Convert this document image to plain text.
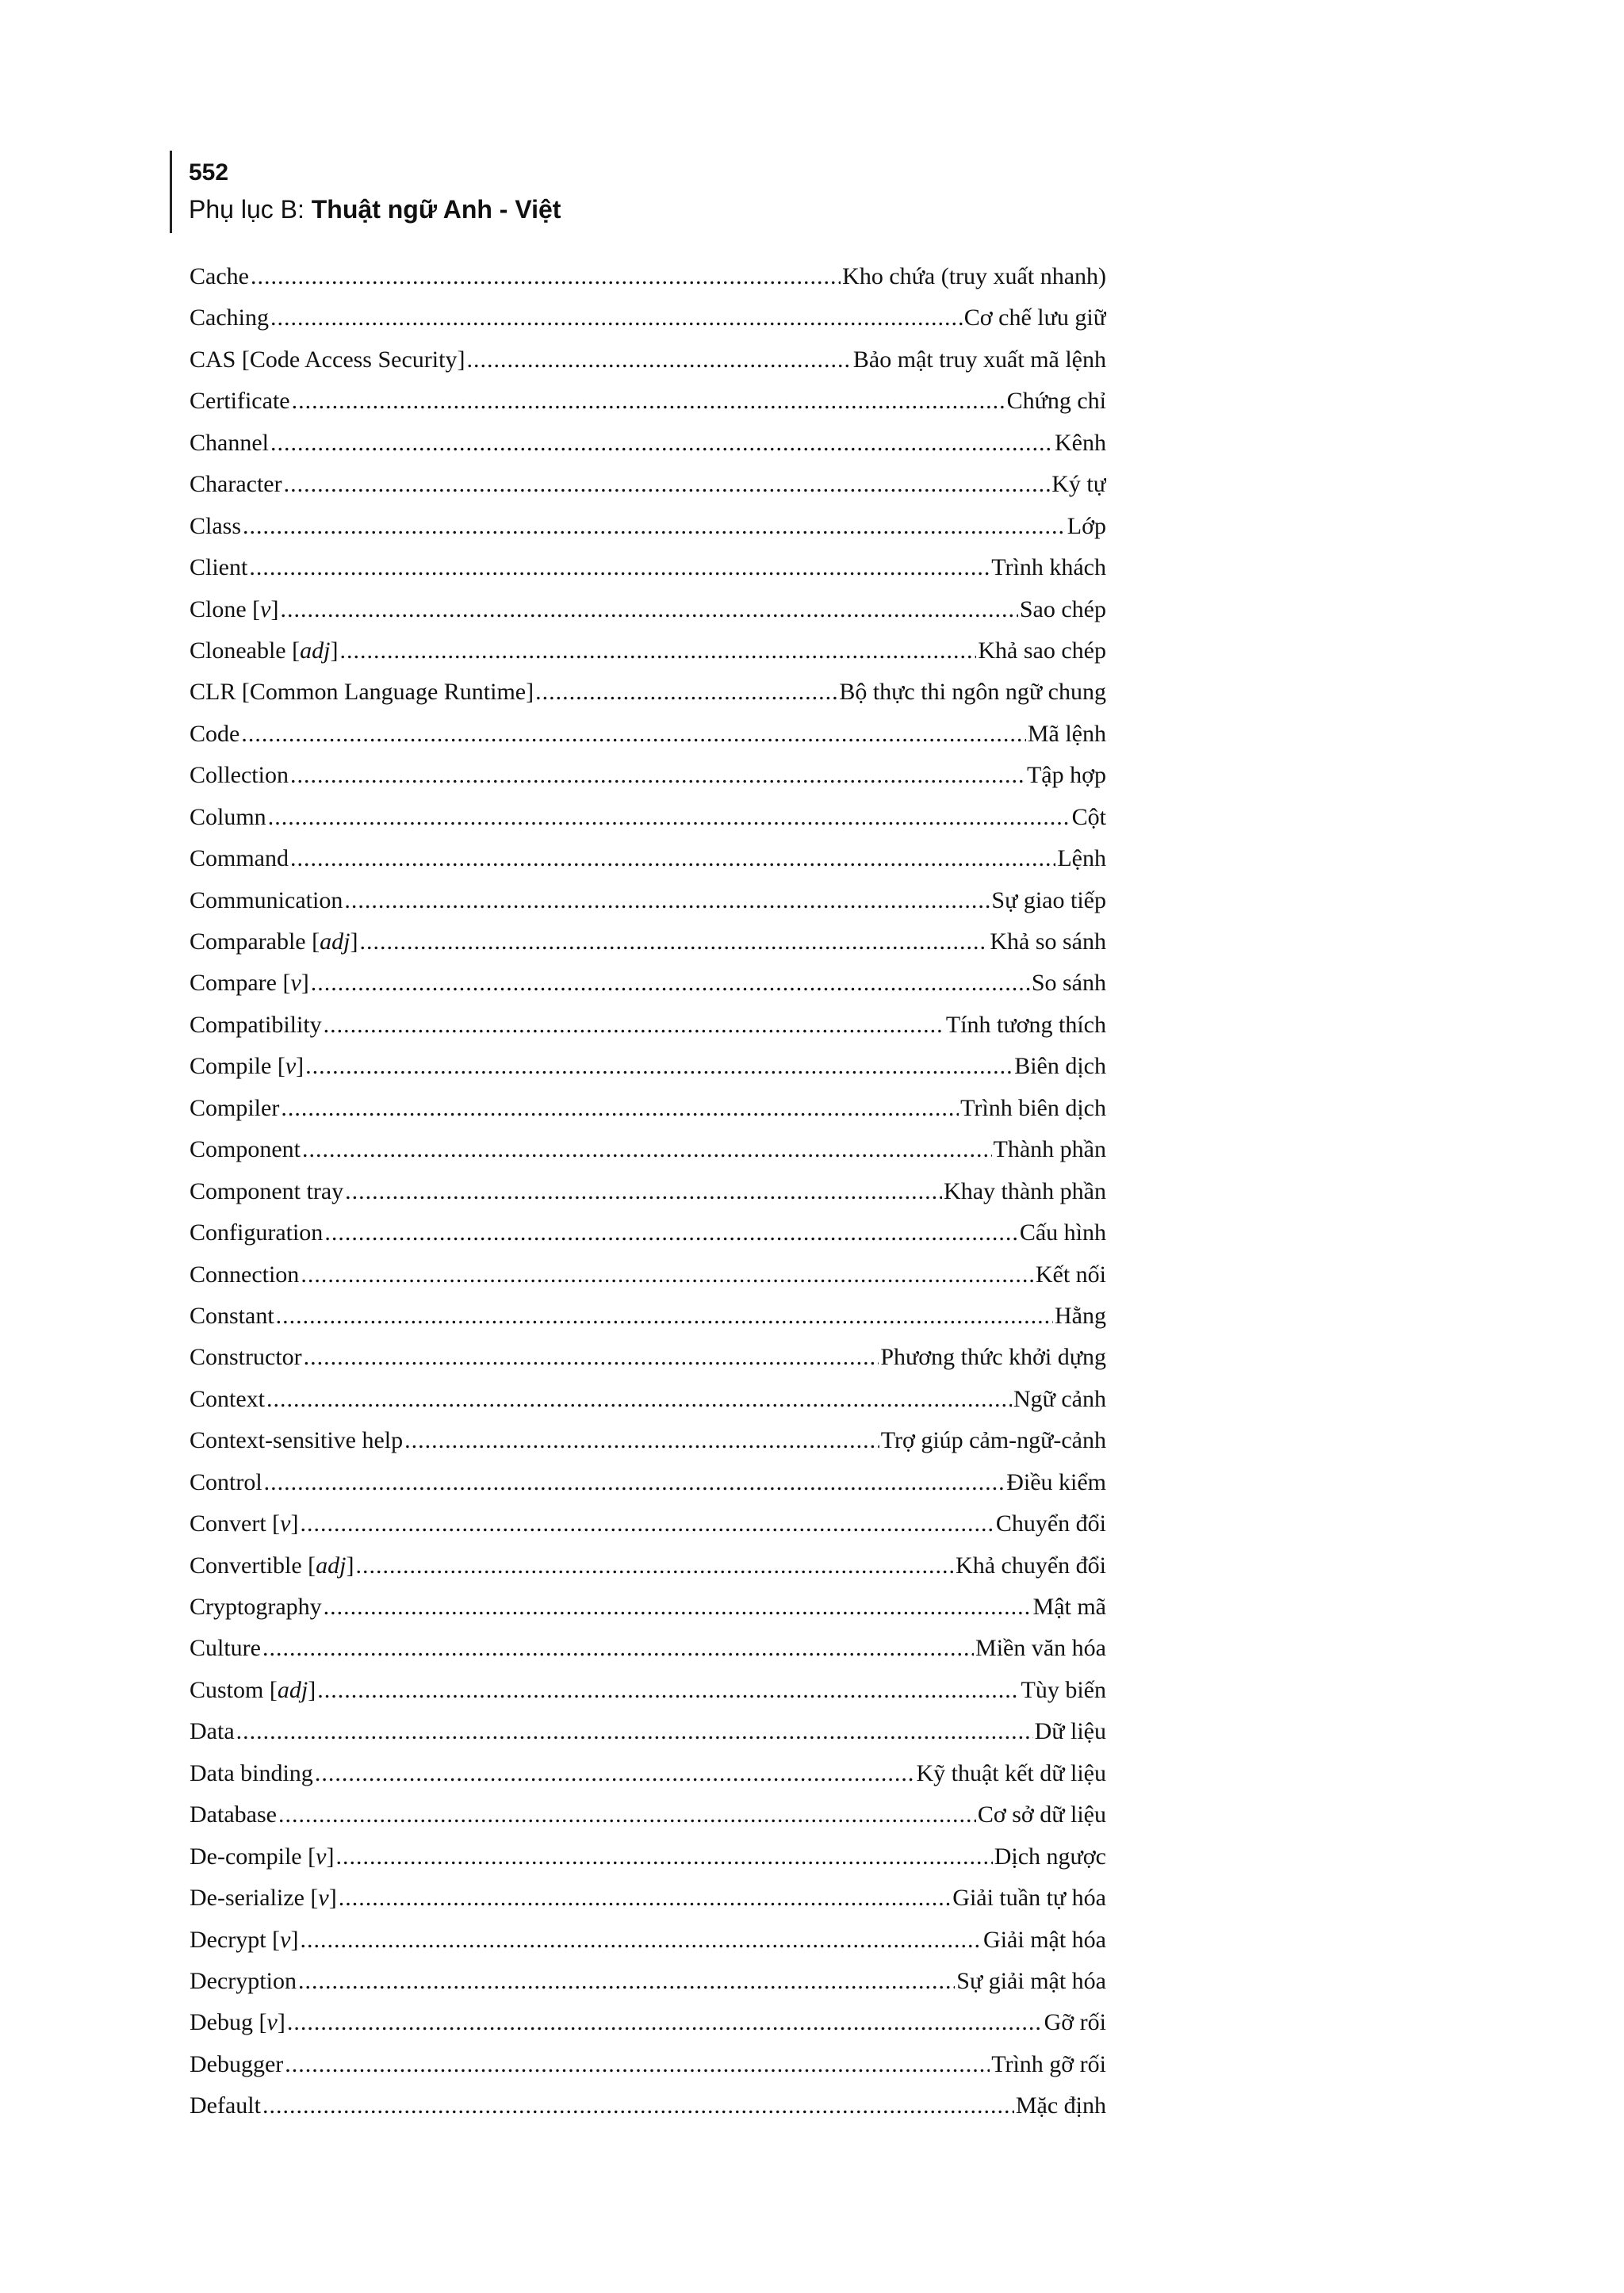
552
Phụ lục B: Thuật ngữ Anh - Việt
Cache .....	Kho chứa (truy xuất nhanh)
Caching .....	Cơ chế lưu giữ
CAS [Code Access Security] .....	Bảo mật truy xuất mã lệnh
Certificate .....	Chứng chỉ
Channel .....	Kênh
Character .....	Ký tự
Class .....	Lớp
Client .....	Trình khách
Clone [v] .....	Sao chép
Cloneable [adj] .....	Khả sao chép
CLR [Common Language Runtime] .....	Bộ thực thi ngôn ngữ chung
Code .....	Mã lệnh
Collection .....	Tập hợp
Column .....	Cột
Command .....	Lệnh
Communication .....	Sự giao tiếp
Comparable [adj] .....	Khả so sánh
Compare [v] .....	So sánh
Compatibility .....	Tính tương thích
Compile [v] .....	Biên dịch
Compiler .....	Trình biên dịch
Component .....	Thành phần
Component tray .....	Khay thành phần
Configuration .....	Cấu hình
Connection .....	Kết nối
Constant .....	Hằng
Constructor .....	Phương thức khởi dựng
Context .....	Ngữ cảnh
Context-sensitive help .....	Trợ giúp cảm-ngữ-cảnh
Control .....	Điều kiểm
Convert [v] .....	Chuyển đổi
Convertible [adj] .....	Khả chuyển đổi
Cryptography .....	Mật mã
Culture .....	Miền văn hóa
Custom [adj] .....	Tùy biến
Data .....	Dữ liệu
Data binding .....	Kỹ thuật kết dữ liệu
Database .....	Cơ sở dữ liệu
De-compile [v] .....	Dịch ngược
De-serialize [v] .....	Giải tuần tự hóa
Decrypt [v] .....	Giải mật hóa
Decryption .....	Sự giải mật hóa
Debug [v] .....	Gỡ rối
Debugger .....	Trình gỡ rối
Default .....	Mặc định
